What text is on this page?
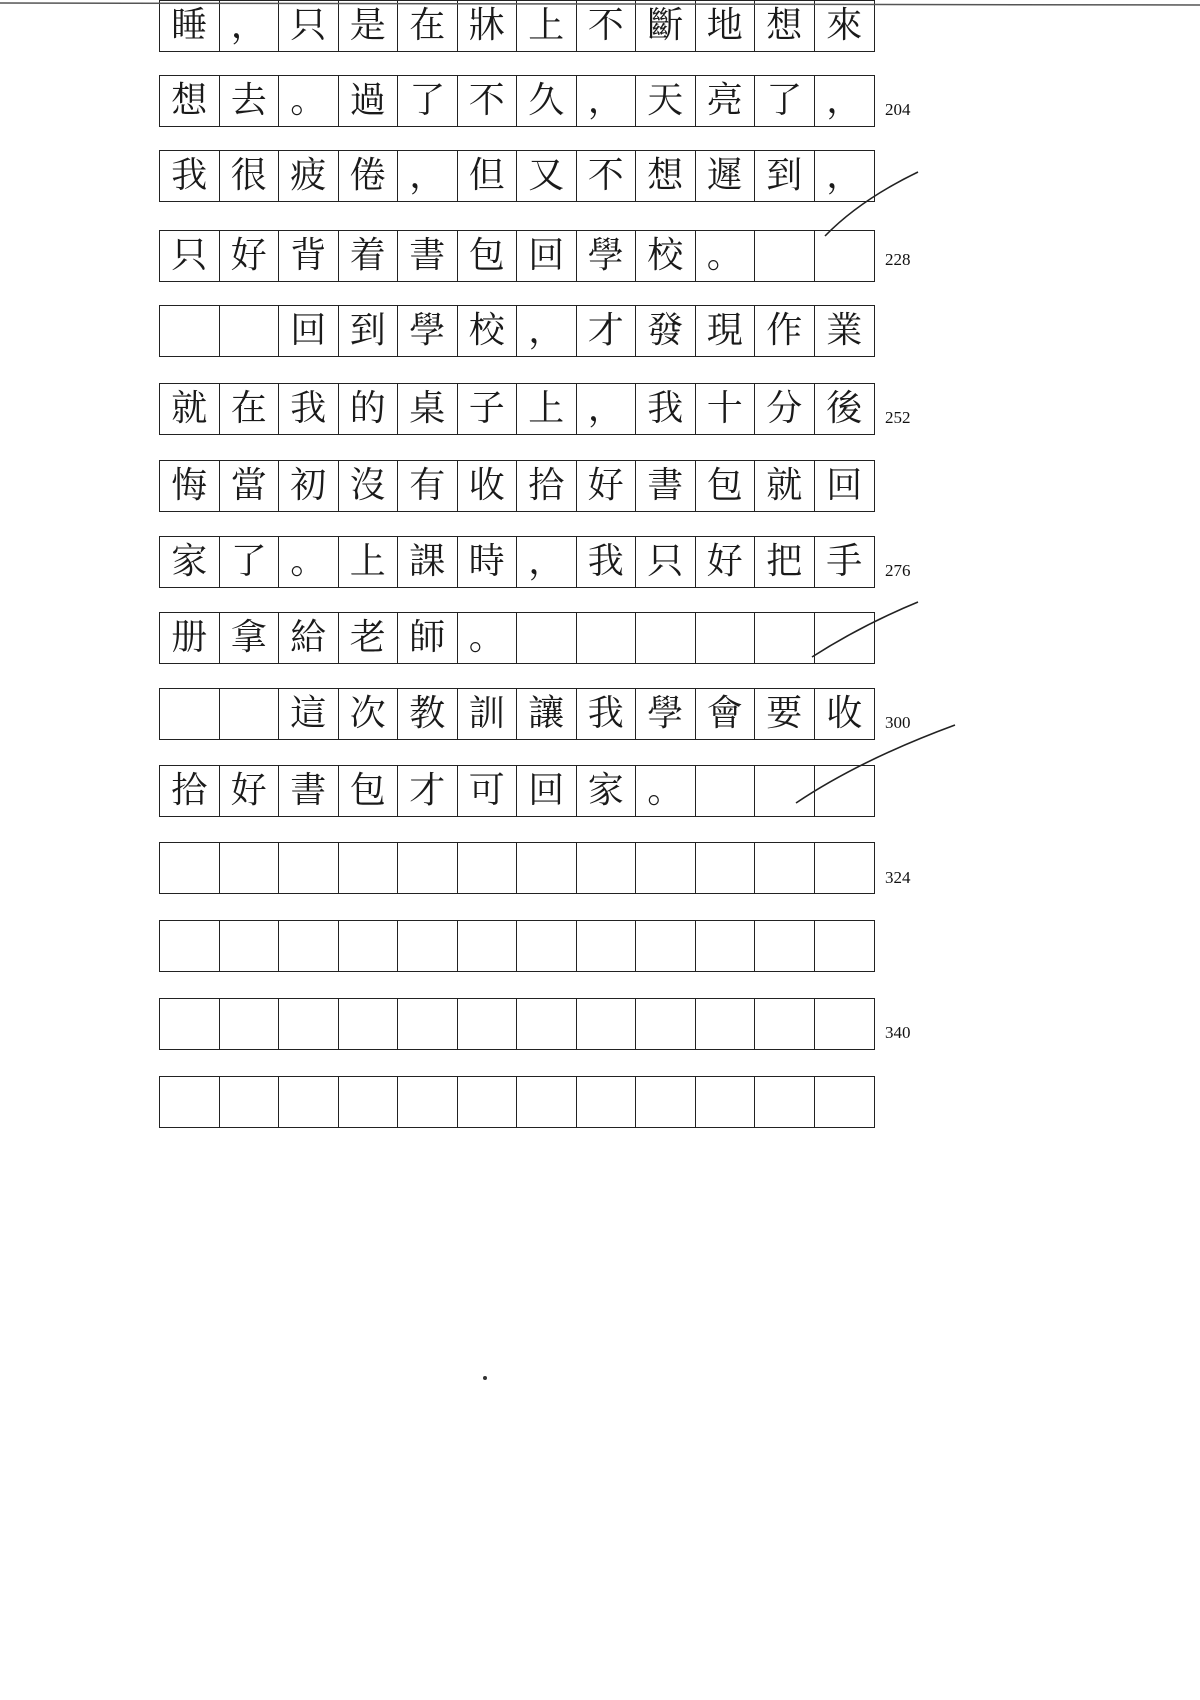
睡 ， 只 是 在 牀 上 不 斷 地 想 來
想 去 。 過 了 不 久 ， 天 亮 了 ，	204
我 很 疲 倦 ， 但 又 不 想 遲 到 ，
只 好 背 着 書 包 回 學 校 。	228
回 到 學 校 ， 才 發 現 作 業
就 在 我 的 桌 子 上 ， 我 十 分 後	252
悔 當 初 沒 有 收 拾 好 書 包 就 回
家 了 。 上 課 時 ， 我 只 好 把 手	276
册 拿 給 老 師 。
這 次 教 訓 讓 我 學 會 要 收	300
拾 好 書 包 才 可 回 家 。
324
340
